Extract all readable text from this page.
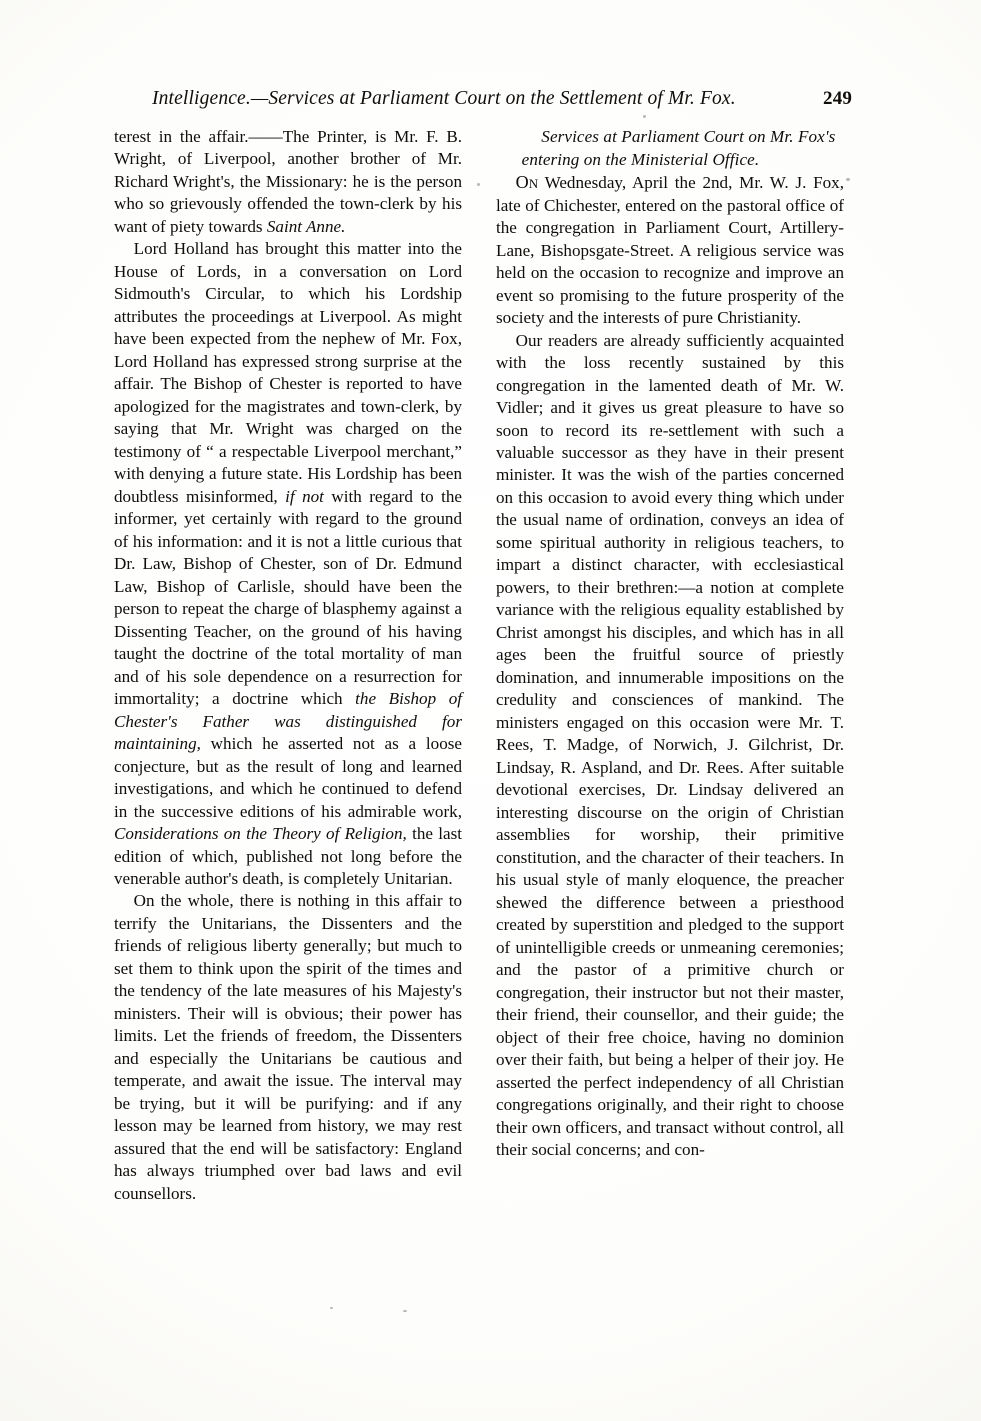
Intelligence.—Services at Parliament Court on the Settlement of Mr. Fox.	249

terest in the affair.——The Printer, is Mr. F. B. Wright, of Liverpool, another brother of Mr. Richard Wright's, the Missionary: he is the person who so grievously offended the town-clerk by his want of piety towards Saint Anne.

Lord Holland has brought this matter into the House of Lords, in a conversation on Lord Sidmouth's Circular, to which his Lordship attributes the proceedings at Liverpool. As might have been expected from the nephew of Mr. Fox, Lord Holland has expressed strong surprise at the affair. The Bishop of Chester is reported to have apologized for the magistrates and town-clerk, by saying that Mr. Wright was charged on the testimony of “ a respectable Liverpool merchant,” with denying a future state. His Lordship has been doubtless misinformed, if not with regard to the informer, yet certainly with regard to the ground of his information: and it is not a little curious that Dr. Law, Bishop of Chester, son of Dr. Edmund Law, Bishop of Carlisle, should have been the person to repeat the charge of blasphemy against a Dissenting Teacher, on the ground of his having taught the doctrine of the total mortality of man and of his sole dependence on a resurrection for immortality; a doctrine which the Bishop of Chester's Father was distinguished for maintaining, which he asserted not as a loose conjecture, but as the result of long and learned investigations, and which he continued to defend in the successive editions of his admirable work, Considerations on the Theory of Religion, the last edition of which, published not long before the venerable author's death, is completely Unitarian.

On the whole, there is nothing in this affair to terrify the Unitarians, the Dissenters and the friends of religious liberty generally; but much to set them to think upon the spirit of the times and the tendency of the late measures of his Majesty's ministers. Their will is obvious; their power has limits. Let the friends of freedom, the Dissenters and especially the Unitarians be cautious and temperate, and await the issue. The interval may be trying, but it will be purifying: and if any lesson may be learned from history, we may rest assured that the end will be satisfactory: England has always triumphed over bad laws and evil counsellors.

Services at Parliament Court on Mr. Fox's entering on the Ministerial Office.

On Wednesday, April the 2nd, Mr. W. J. Fox, late of Chichester, entered on the pastoral office of the congregation in Parliament Court, Artillery-Lane, Bishopsgate-Street. A religious service was held on the occasion to recognize and improve an event so promising to the future prosperity of the society and the interests of pure Christianity.

Our readers are already sufficiently acquainted with the loss recently sustained by this congregation in the lamented death of Mr. W. Vidler; and it gives us great pleasure to have so soon to record its re-settlement with such a valuable successor as they have in their present minister. It was the wish of the parties concerned on this occasion to avoid every thing which under the usual name of ordination, conveys an idea of some spiritual authority in religious teachers, to impart a distinct character, with ecclesiastical powers, to their brethren:—a notion at complete variance with the religious equality established by Christ amongst his disciples, and which has in all ages been the fruitful source of priestly domination, and innumerable impositions on the credulity and consciences of mankind. The ministers engaged on this occasion were Mr. T. Rees, T. Madge, of Norwich, J. Gilchrist, Dr. Lindsay, R. Aspland, and Dr. Rees. After suitable devotional exercises, Dr. Lindsay delivered an interesting discourse on the origin of Christian assemblies for worship, their primitive constitution, and the character of their teachers. In his usual style of manly eloquence, the preacher shewed the difference between a priesthood created by superstition and pledged to the support of unintelligible creeds or unmeaning ceremonies; and the pastor of a primitive church or congregation, their instructor but not their master, their friend, their counsellor, and their guide; the object of their free choice, having no dominion over their faith, but being a helper of their joy. He asserted the perfect independency of all Christian congregations originally, and their right to choose their own officers, and transact without control, all their social concerns; and con-
